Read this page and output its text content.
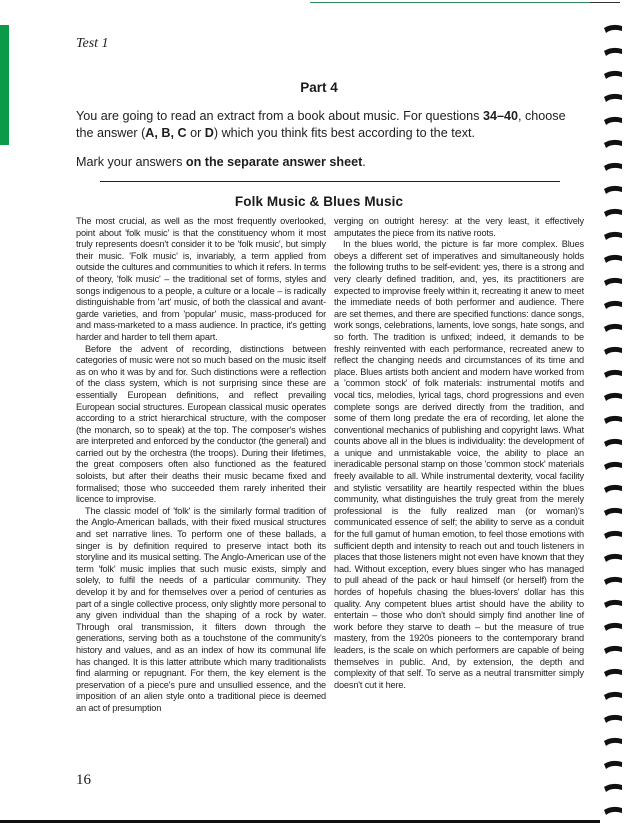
Test 1
Part 4
You are going to read an extract from a book about music. For questions 34–40, choose the answer (A, B, C or D) which you think fits best according to the text.
Mark your answers on the separate answer sheet.
Folk Music & Blues Music

The most crucial, as well as the most frequently overlooked, point about 'folk music' is that the constituency whom it most truly represents doesn't consider it to be 'folk music', but simply their music. 'Folk music' is, invariably, a term applied from outside the cultures and communities to which it refers. In terms of theory, 'folk music' – the traditional set of forms, styles and songs indigenous to a people, a culture or a locale – is radically distinguishable from 'art' music, of both the classical and avant-garde varieties, and from 'popular' music, mass-produced for and mass-marketed to a mass audience. In practice, it's getting harder and harder to tell them apart.

Before the advent of recording, distinctions between categories of music were not so much based on the music itself as on who it was by and for. Such distinctions were a reflection of the class system, which is not surprising since these are essentially European definitions, and reflect prevailing European social structures. European classical music operates according to a strict hierarchical structure, with the composer (the monarch, so to speak) at the top. The composer's wishes are interpreted and enforced by the conductor (the general) and carried out by the orchestra (the troops). During their lifetimes, the great composers often also functioned as the featured soloists, but after their deaths their music became fixed and formalised; those who succeeded them rarely inherited their licence to improvise.

The classic model of 'folk' is the similarly formal tradition of the Anglo-American ballads, with their fixed musical structures and set narrative lines. To perform one of these ballads, a singer is by definition required to preserve intact both its storyline and its musical setting. The Anglo-American use of the term 'folk' music implies that such music exists, simply and solely, to fulfil the needs of a particular community. They develop it by and for themselves over a period of centuries as part of a single collective process, only slightly more personal to any given individual than the shaping of a rock by water. Through oral transmission, it filters down through the generations, serving both as a touchstone of the community's history and values, and as an index of how its communal life has changed. It is this latter attribute which many traditionalists find alarming or repugnant. For them, the key element is the preservation of a piece's pure and unsullied essence, and the imposition of an alien style onto a traditional piece is deemed an act of presumption

verging on outright heresy: at the very least, it effectively amputates the piece from its native roots.

In the blues world, the picture is far more complex. Blues obeys a different set of imperatives and simultaneously holds the following truths to be self-evident: yes, there is a strong and very clearly defined tradition, and, yes, its practitioners are expected to improvise freely within it, recreating it anew to meet the immediate needs of both performer and audience. There are set themes, and there are specified functions: dance songs, work songs, celebrations, laments, love songs, hate songs, and so forth. The tradition is unfixed; indeed, it demands to be freshly reinvented with each performance, recreated anew to reflect the changing needs and circumstances of its time and place. Blues artists both ancient and modern have worked from a 'common stock' of folk materials: instrumental motifs and vocal tics, melodies, lyrical tags, chord progressions and even complete songs are derived directly from the tradition, and some of them long predate the era of recording, let alone the conventional mechanics of publishing and copyright laws. What counts above all in the blues is individuality: the development of a unique and unmistakable voice, the ability to place an ineradicable personal stamp on those 'common stock' materials freely available to all. While instrumental dexterity, vocal facility and stylistic versatility are heartily respected within the blues community, what distinguishes the truly great from the merely professional is the fully realized man (or woman)'s communicated essence of self; the ability to serve as a conduit for the full gamut of human emotion, to feel those emotions with sufficient depth and intensity to reach out and touch listeners in places that those listeners might not even have known that they had. Without exception, every blues singer who has managed to pull ahead of the pack or haul himself (or herself) from the hordes of hopefuls chasing the blues-lovers' dollar has this quality. Any competent blues artist should have the ability to entertain – those who don't should simply find another line of work before they starve to death – but the measure of true mastery, from the 1920s pioneers to the contemporary brand leaders, is the scale on which performers are capable of being themselves in public. And, by extension, the depth and complexity of that self. To serve as a neutral transmitter simply doesn't cut it here.

16
